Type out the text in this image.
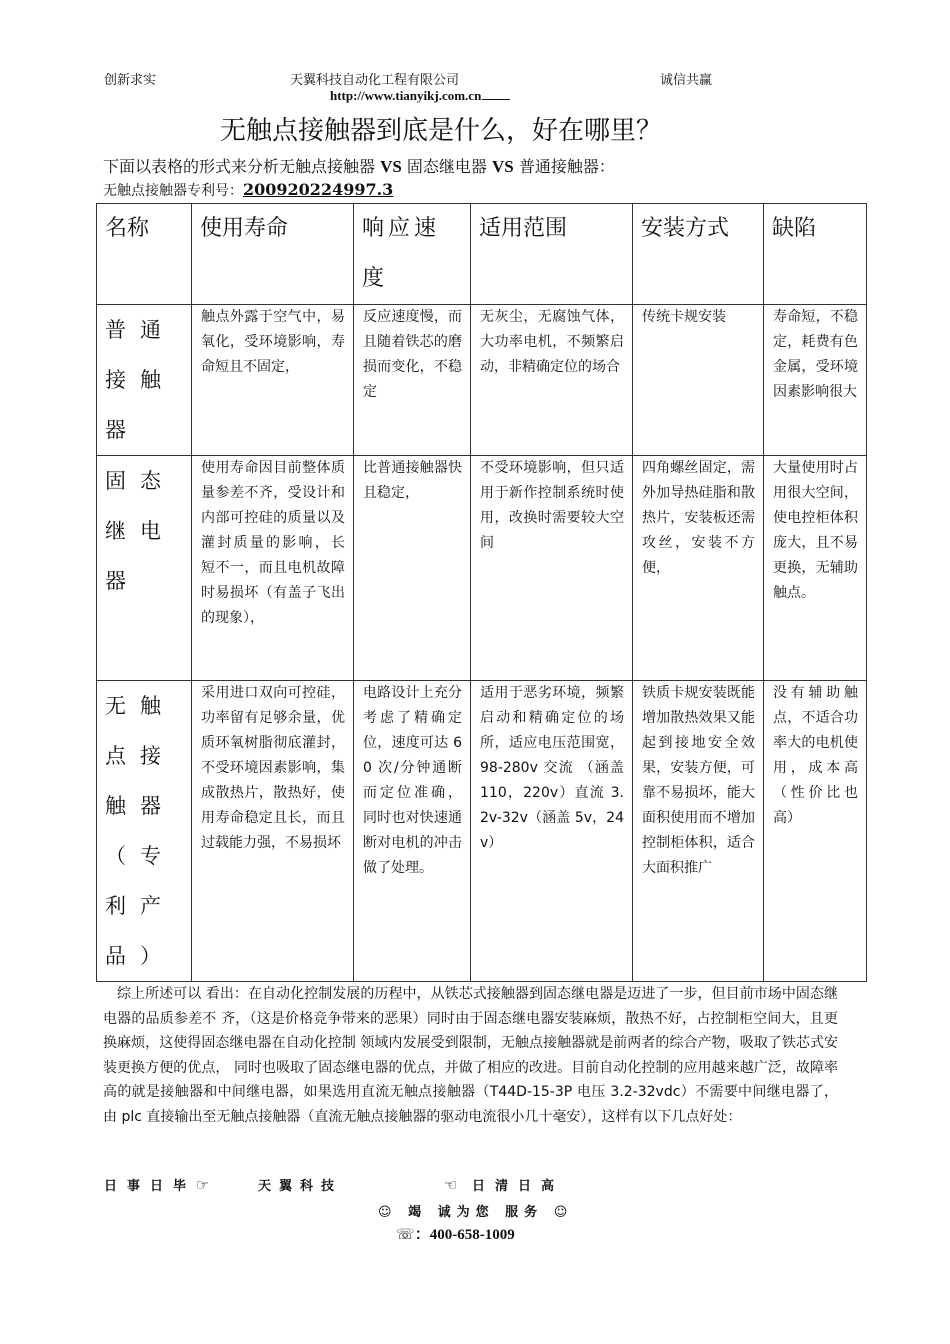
创新求实	天翼科技自动化工程有限公司	诚信共赢
http://www.tianyikj.com.cn
无触点接触器到底是什么，好在哪里？
下面以表格的形式来分析无触点接触器 VS 固态继电器 VS 普通接触器：
无触点接触器专利号：200920224997.3
名称	使用寿命	响应速度	适用范围	安装方式	缺陷
普通接触器	触点外露于空气中，易氧化，受环境影响，寿命短且不固定，	反应速度慢，而且随着铁芯的磨损而变化，不稳定	无灰尘，无腐蚀气体，大功率电机，不频繁启动，非精确定位的场合	传统卡规安装	寿命短，不稳定，耗费有色金属，受环境因素影响很大
固态继电器	使用寿命因目前整体质量参差不齐，受设计和内部可控硅的质量以及灌封质量的影响，长 短不一，而且电机故障时易损坏（有盖子飞出的现象），	比普通接触器快且稳定，	不受环境影响，但只适用于新作控制系统时使用，改换时需要较大空间	四角螺丝固定，需外加导热硅脂和散热片，安装板还需攻丝，安装不方便，	大量使用时占用很大空间，使电控柜体积庞大，且不易更换，无辅助触点。
无触点接触器（专利产品）	采用进口双向可控硅，功率留有足够余量，优质环氧树脂彻底灌封，不受环境因素影响，集成散热片，散热好，使用寿命稳定且长，而且过载能力强，不易损坏	电路设计上充分考虑了精确定位，速度可达 60 次/分钟通断而定位准确， 同时也对快速通断对电机的冲击做了处理。	适用于恶劣环境，频繁启动和精确定位的场所，适应电压范围宽，98-280v 交流 （涵盖 110，220v）直流 3.2v-32v（涵盖 5v，24v）	铁质卡规安装既能增加散热效果又能起到接地安全效果，安装方便，可靠不易损坏，能大面积使用而不增加控制柜体积，适合大面积推广	没有辅助触点，不适合功率大的电机使用，成本高（性价比也高）
综上所述可以 看出：在自动化控制发展的历程中，从铁芯式接触器到固态继电器是迈进了一步，但目前市场中固态继电器的品质参差不 齐，（这是价格竞争带来的恶果）同时由于固态继电器安装麻烦，散热不好，占控制柜空间大，且更换麻烦，这使得固态继电器在自动化控制 领域内发展受到限制，无触点接触器就是前两者的综合产物，吸取了铁芯式安装更换方便的优点， 同时也吸取了固态继电器的优点，并做了相应的改进。目前自动化控制的应用越来越广泛，故障率高的就是接触器和中间继电器，如果选用直流无触点接触器（T44D-15-3P 电压 3.2-32vdc）不需要中间继电器了，由 plc 直接输出至无触点接触器（直流无触点接触器的驱动电流很小几十毫安），这样有以下几点好处：
日事日毕☞	天翼科技	☜ 日清日高
☺ 竭 诚为您 服务 ☺
☏：400-658-1009
